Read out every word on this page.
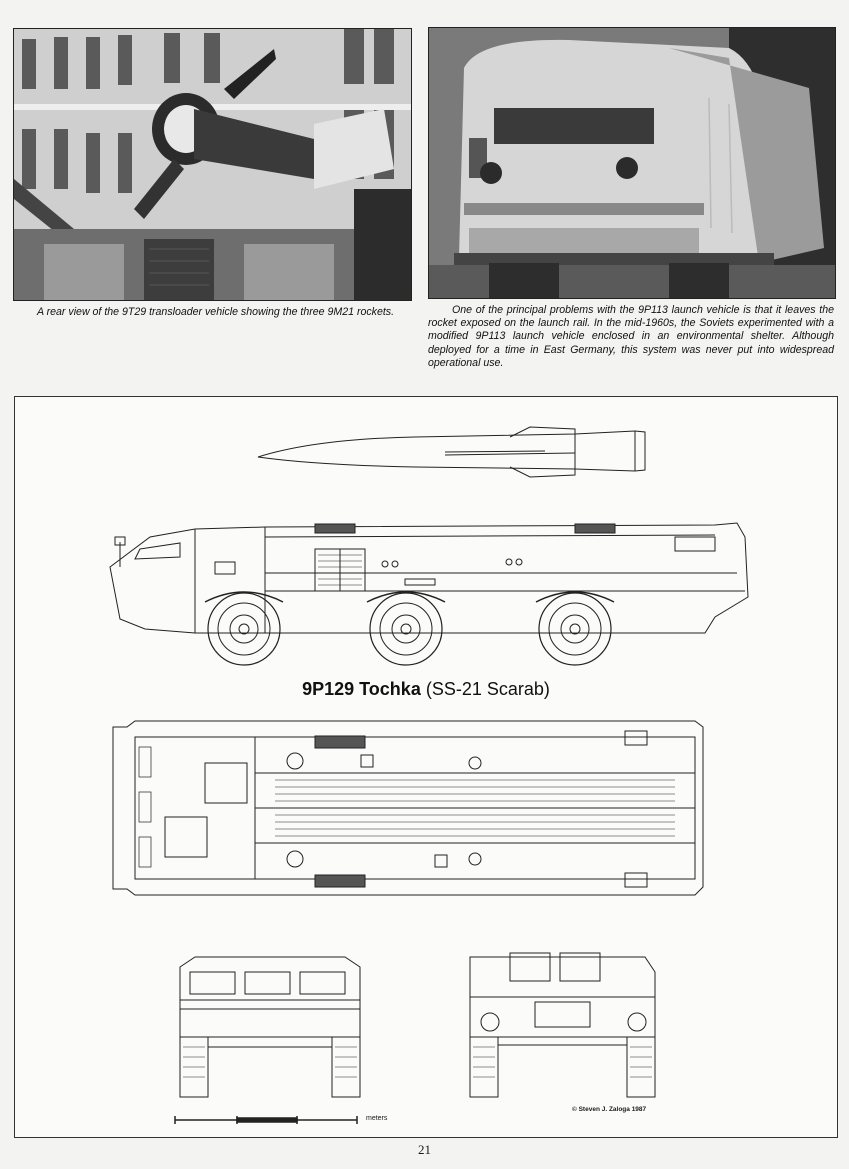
A rear view of the 9T29 transloader vehicle showing the three 9M21 rockets.	One of the principal problems with the 9P113 launch vehicle is that it leaves the rocket exposed on the launch rail. In the mid-1960s, the Soviets experimented with a modified 9P113 launch vehicle enclosed in an environmental shelter. Although deployed for a time in East Germany, this system was never put into widespread operational use.
9P129 Tochka (SS-21 Scarab)
meters
© Steven J. Zaloga 1987
21
